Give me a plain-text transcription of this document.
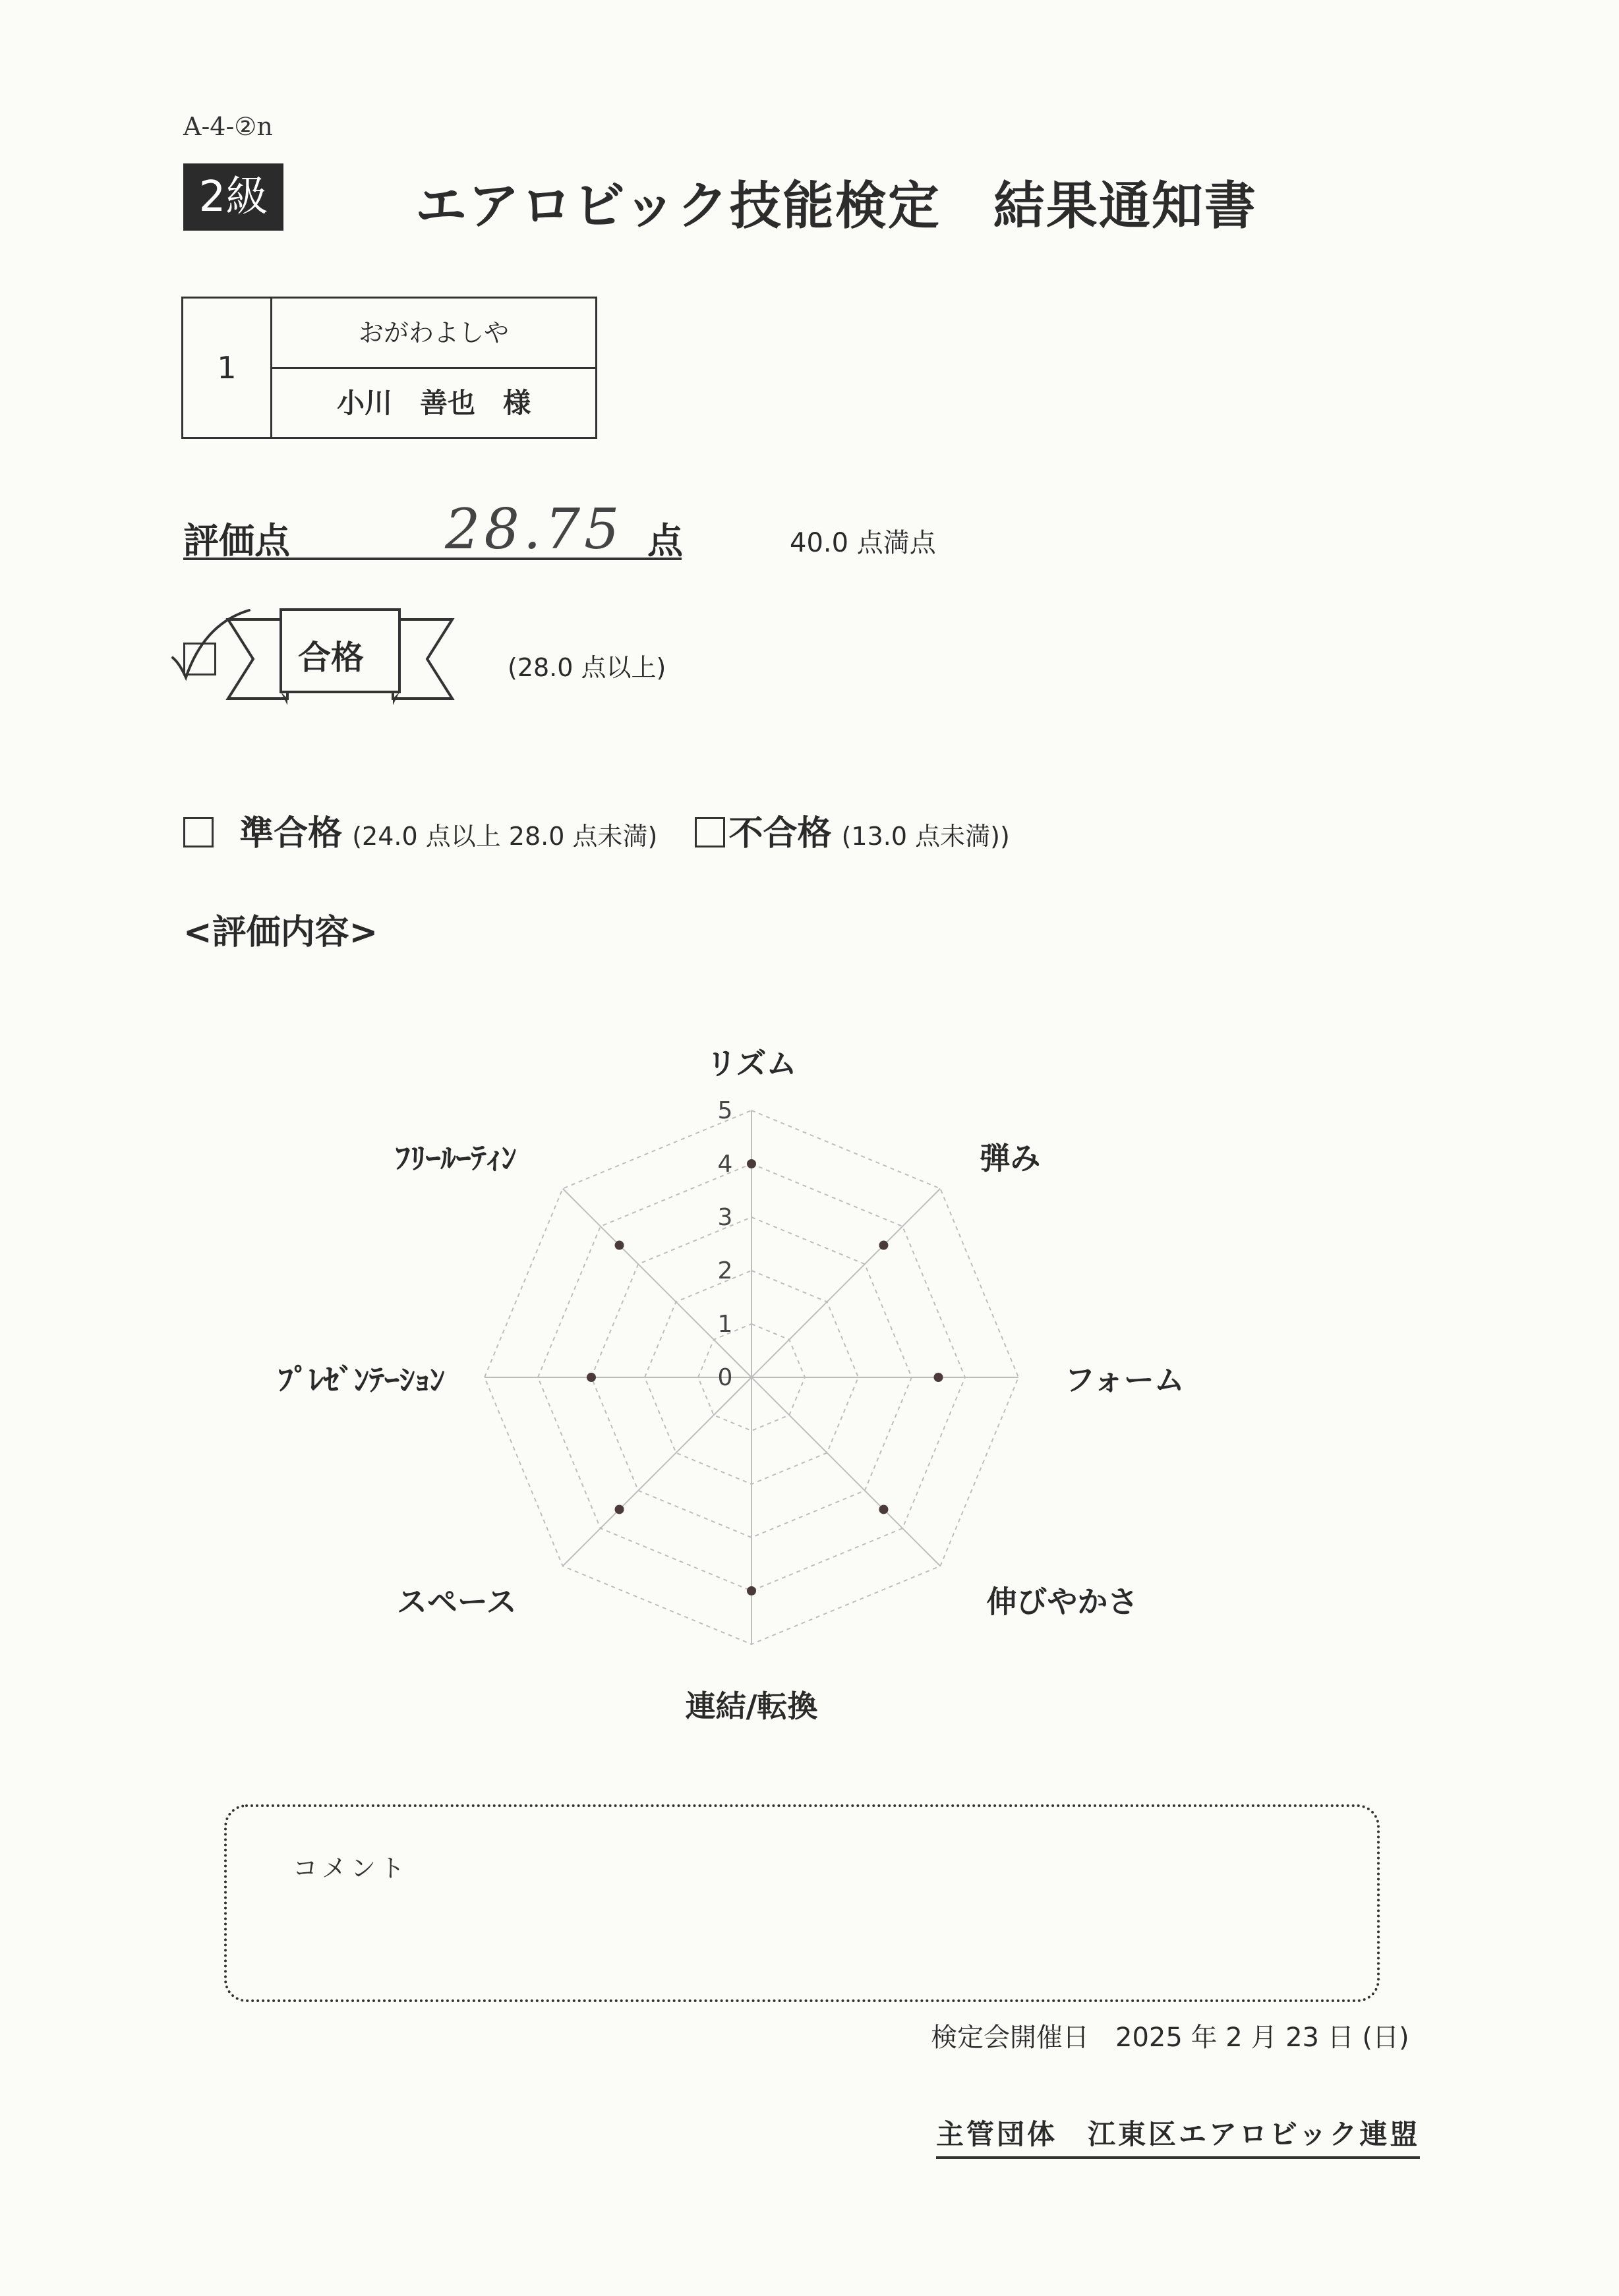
A-4-②n
2級	エアロビック技能検定　結果通知書
1
おがわよしや
小川　善也　様
評価点	28.75 点	40.0 点満点
合格	(28.0 点以上)
準合格 (24.0 点以上 28.0 点未満) 不合格 (13.0 点未満))
<評価内容>
0
1
2
3
4
5
リズム
弾み
フォーム
伸びやかさ
連結/転換
スペース
ﾌﾟﾚｾﾞﾝﾃｰｼｮﾝ
ﾌﾘｰﾙｰﾃｨﾝ
コメント
検定会開催日　2025 年 2 月 23 日 (日)
主管団体　江東区エアロビック連盟
